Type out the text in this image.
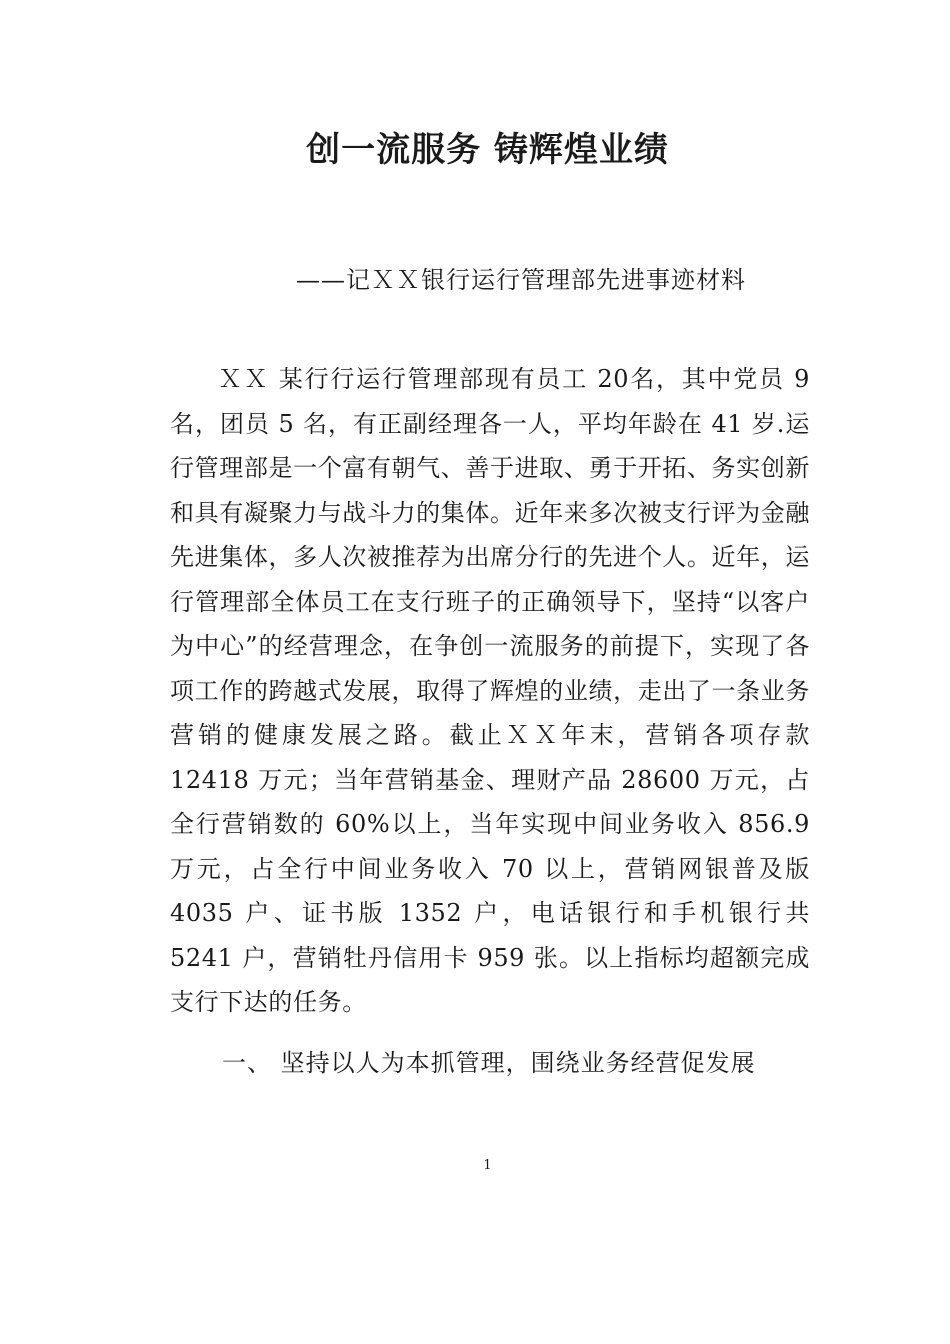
创一流服务 铸辉煌业绩

——记ＸＸ银行运行管理部先进事迹材料

ＸＸ 某行行运行管理部现有员工 20名，其中党员 9 名，团员 5 名，有正副经理各一人，平均年龄在 41 岁.运行管理部是一个富有朝气、善于进取、勇于开拓、务实创新和具有凝聚力与战斗力的集体。近年来多次被支行评为金融先进集体，多人次被推荐为出席分行的先进个人。近年，运行管理部全体员工在支行班子的正确领导下，坚持“以客户为中心”的经营理念，在争创一流服务的前提下，实现了各项工作的跨越式发展，取得了辉煌的业绩，走出了一条业务营销的健康发展之路。截止ＸＸ年末，营销各项存款 12418 万元；当年营销基金、理财产品 28600 万元，占全行营销数的 60%以上，当年实现中间业务收入 856.9 万元，占全行中间业务收入 70 以上，营销网银普及版 4035 户、证书版 1352 户，电话银行和手机银行共 5241 户，营销牡丹信用卡 959 张。以上指标均超额完成支行下达的任务。

一、 坚持以人为本抓管理，围绕业务经营促发展

1
